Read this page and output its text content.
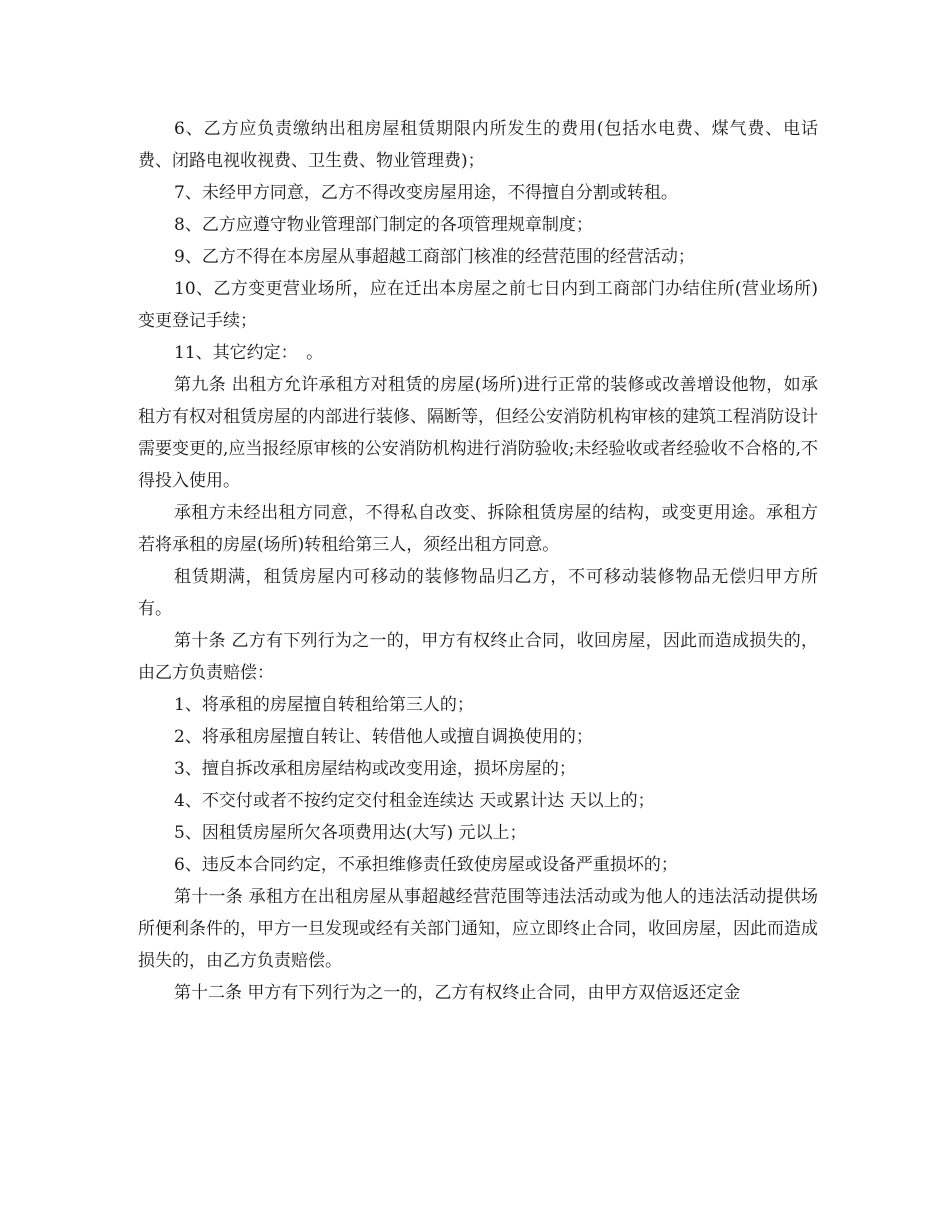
6、乙方应负责缴纳出租房屋租赁期限内所发生的费用(包括水电费、煤气费、电话费、闭路电视收视费、卫生费、物业管理费)；

7、未经甲方同意，乙方不得改变房屋用途，不得擅自分割或转租。

8、乙方应遵守物业管理部门制定的各项管理规章制度；

9、乙方不得在本房屋从事超越工商部门核准的经营范围的经营活动；

10、乙方变更营业场所，应在迁出本房屋之前七日内到工商部门办结住所(营业场所)变更登记手续；

11、其它约定：　。

第九条 出租方允许承租方对租赁的房屋(场所)进行正常的装修或改善增设他物，如承租方有权对租赁房屋的内部进行装修、隔断等，但经公安消防机构审核的建筑工程消防设计需要变更的,应当报经原审核的公安消防机构进行消防验收;未经验收或者经验收不合格的,不得投入使用。

承租方未经出租方同意，不得私自改变、拆除租赁房屋的结构，或变更用途。承租方若将承租的房屋(场所)转租给第三人，须经出租方同意。

租赁期满，租赁房屋内可移动的装修物品归乙方，不可移动装修物品无偿归甲方所有。

第十条 乙方有下列行为之一的，甲方有权终止合同，收回房屋，因此而造成损失的，由乙方负责赔偿：

1、将承租的房屋擅自转租给第三人的；

2、将承租房屋擅自转让、转借他人或擅自调换使用的；

3、擅自拆改承租房屋结构或改变用途，损坏房屋的；

4、不交付或者不按约定交付租金连续达 天或累计达 天以上的；

5、因租赁房屋所欠各项费用达(大写) 元以上；

6、违反本合同约定，不承担维修责任致使房屋或设备严重损坏的；

第十一条 承租方在出租房屋从事超越经营范围等违法活动或为他人的违法活动提供场所便利条件的，甲方一旦发现或经有关部门通知，应立即终止合同，收回房屋，因此而造成损失的，由乙方负责赔偿。

第十二条 甲方有下列行为之一的，乙方有权终止合同，由甲方双倍返还定金
